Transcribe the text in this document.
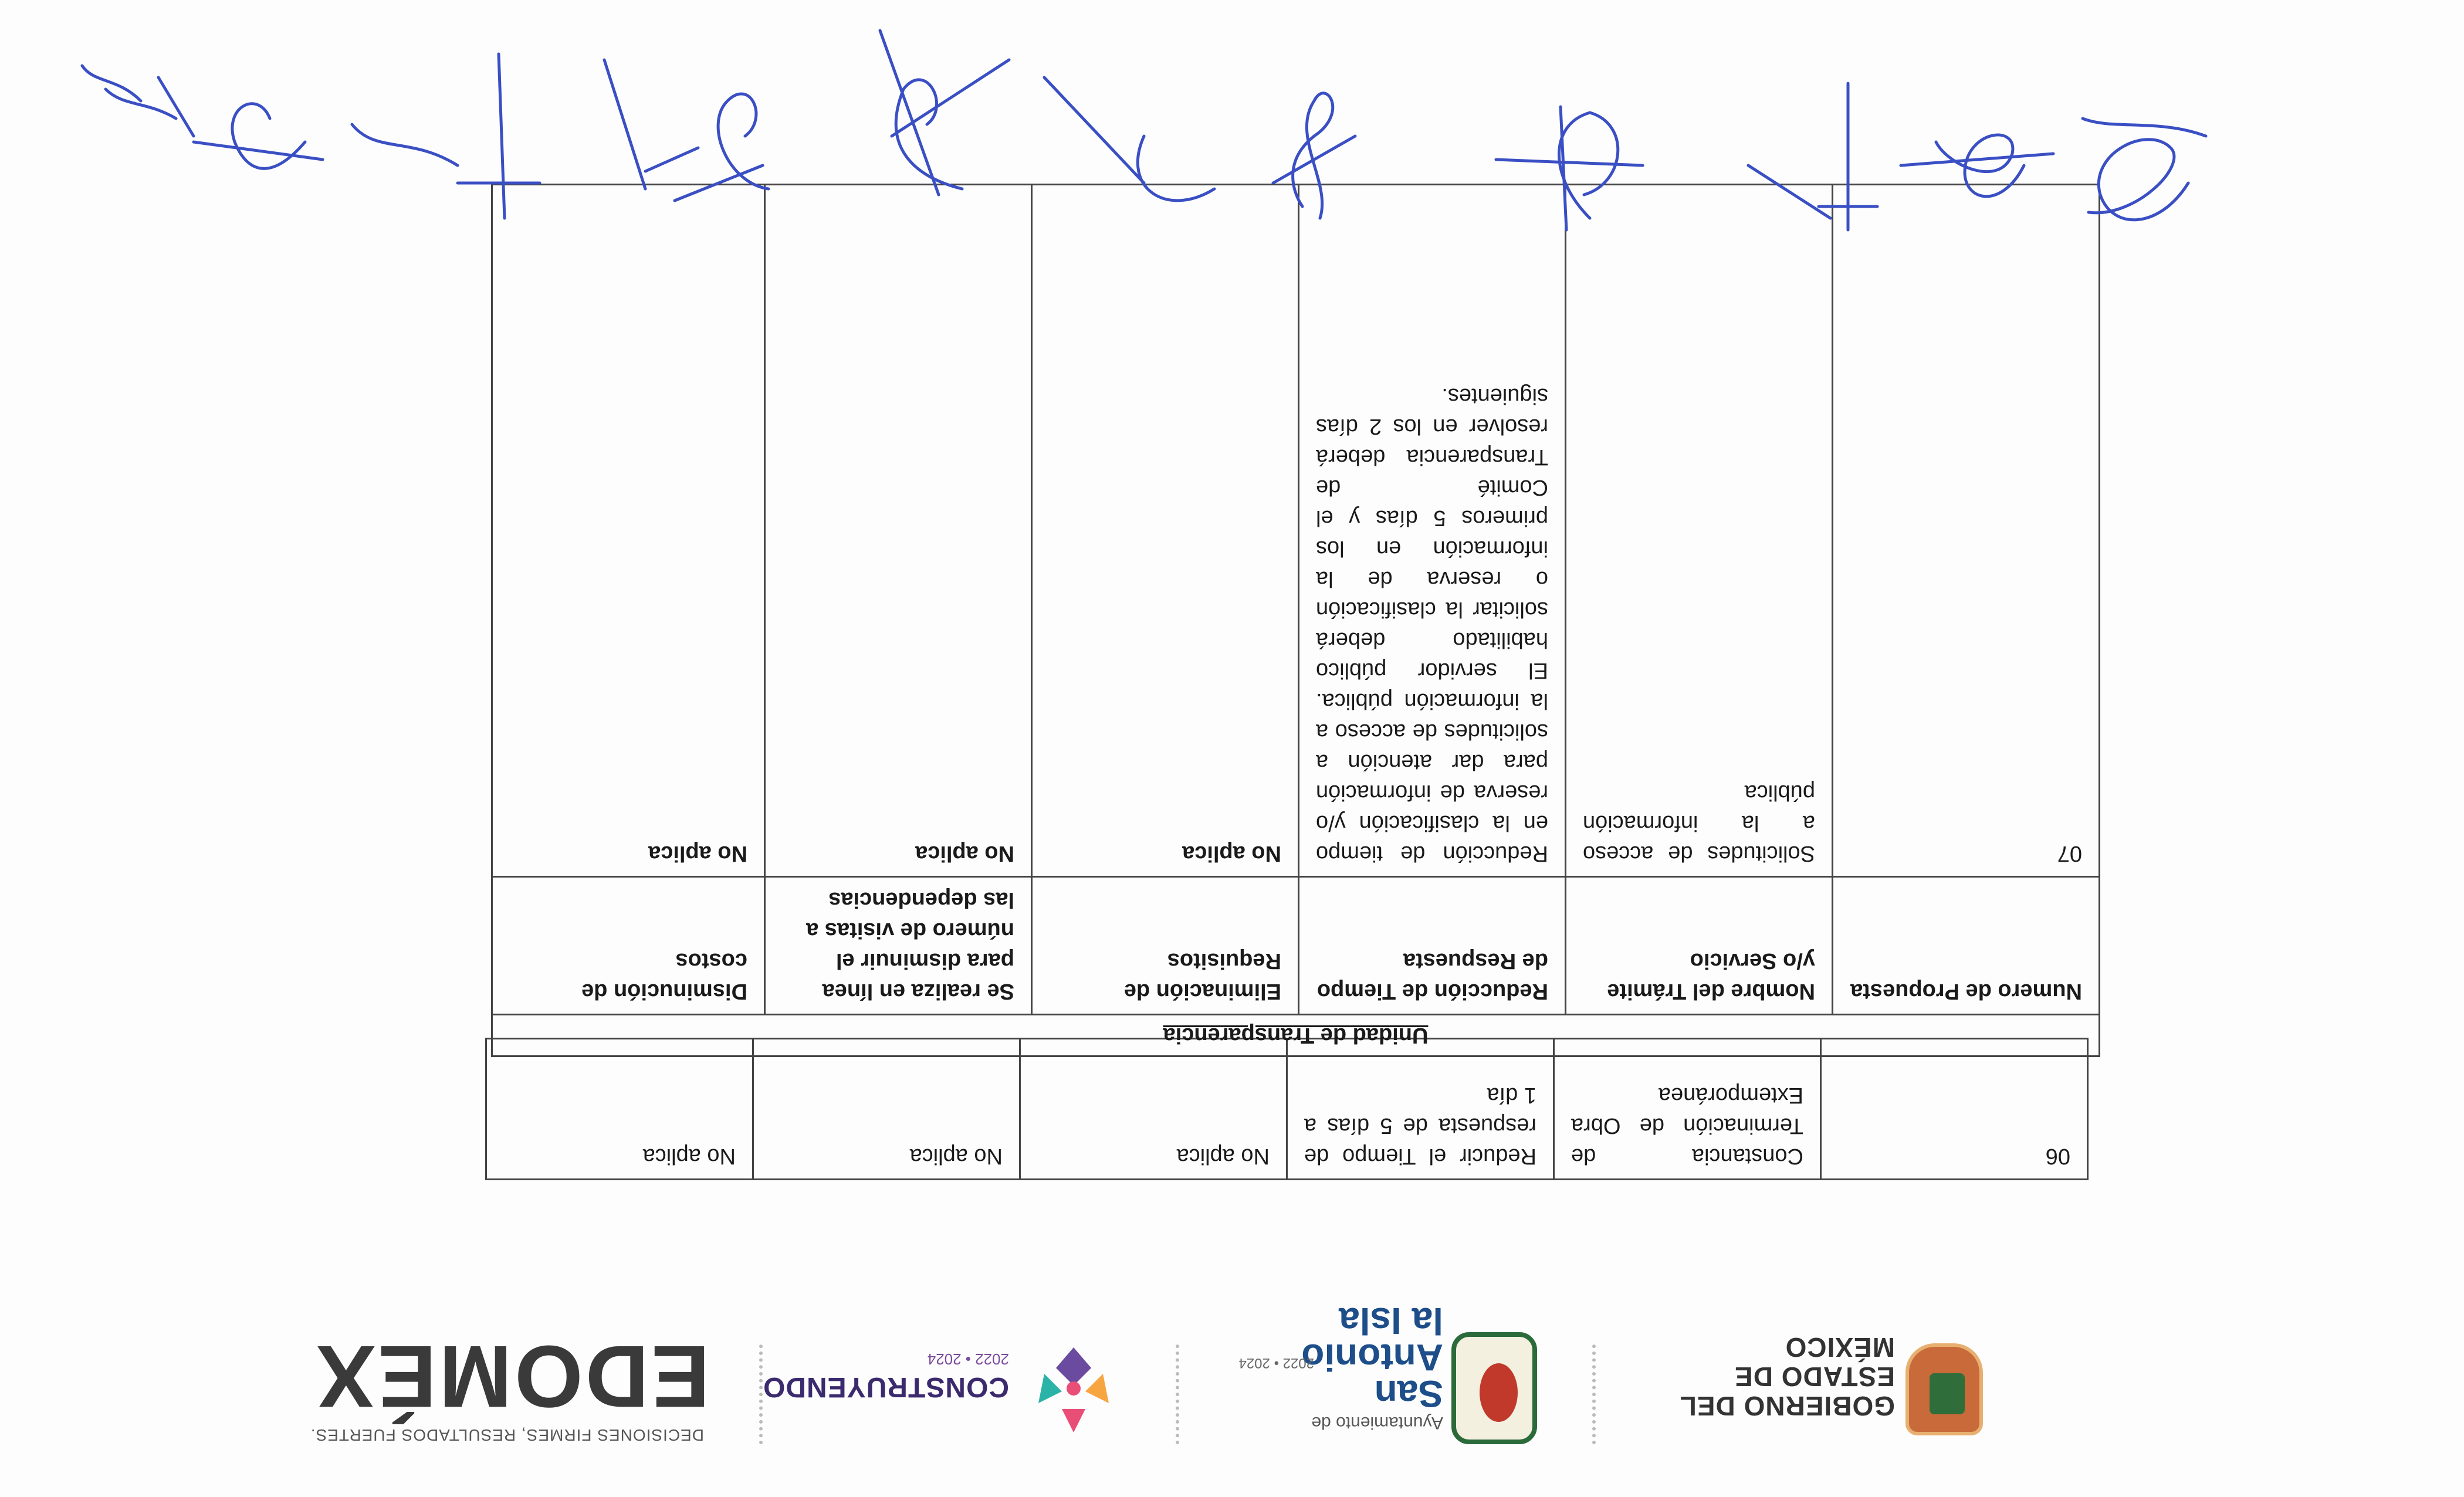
GOBIERNO DEL
ESTADO DE MÉXICO
Ayuntamiento de
San Antonio
la Isla
2022 • 2024
CONSTRUYENDO
2022 • 2024
DECISIONES FIRMES, RESULTADOS FUERTES.
EDOMÉX
06	Constancia de Terminación de Obra Extemporánea	Reducir el Tiempo de respuesta de 5 días a 1 día	No aplica	No aplica	No aplica
Unidad de Transparencia					
Numero de Propuesta	Nombre del Trámite y/o Servicio	Reducción de Tiempo de Respuesta	Eliminación de Requisitos	Se realiza en línea para disminuir el número de visitas a las dependencias	Disminución de costos
07	Solicitudes de acceso a la información pública	Reducción de tiempo en la clasificación y/o reserva de información para dar atención a solicitudes de acceso a la información pública. El servidor público habilitado deberá solicitar la clasificación o reserva de la información en los primeros 5 días y el Comité de Transparencia deberá resolver en los 2 días siguientes.	No aplica	No aplica	No aplica
